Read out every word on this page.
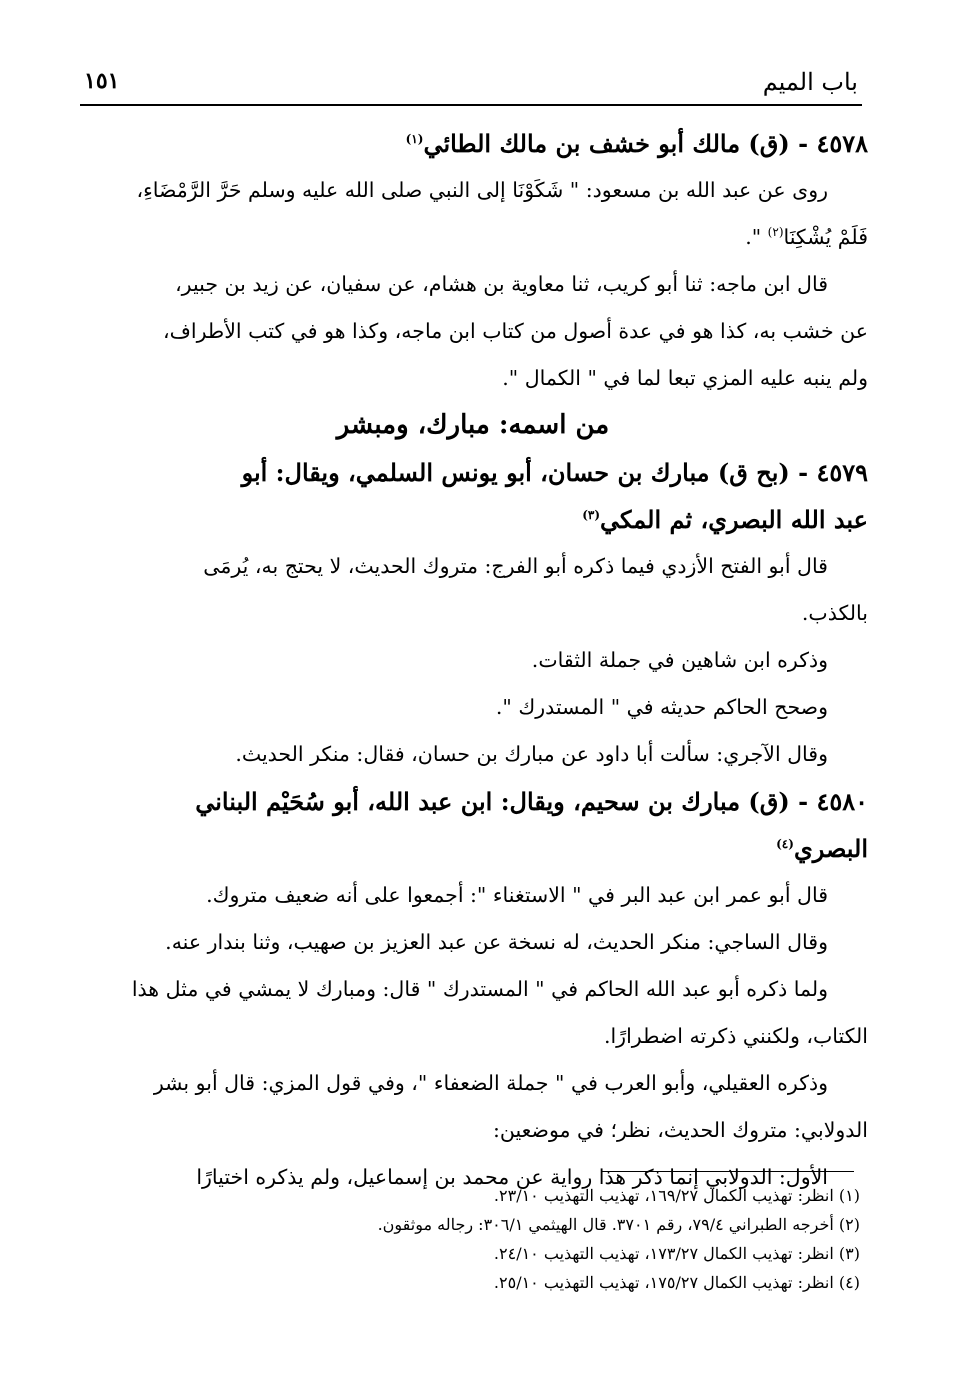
باب الميم
١٥١
٤٥٧٨ - (ق) مالك أبو خشف بن مالك الطائي$^{(١)}$
روى عن عبد الله بن مسعود: " شَكَوْنَا إلى النبي صلى الله عليه وسلم حَرَّ الرَّمْضَاءِ،
فَلَمْ يُشْكِنَا$^{(٢)}$ ".
قال ابن ماجه: ثنا أبو كريب، ثنا معاوية بن هشام، عن سفيان، عن زيد بن جبير،
عن خشب به، كذا هو في عدة أصول من كتاب ابن ماجه، وكذا هو في كتب الأطراف،
ولم ينبه عليه المزي تبعا لما في " الكمال ".
من اسمه: مبارك، ومبشر
٤٥٧٩ - (بح ق) مبارك بن حسان، أبو يونس السلمي، ويقال: أبو
عبد الله البصري، ثم المكي$^{(٣)}$
قال أبو الفتح الأزدي فيما ذكره أبو الفرج: متروك الحديث، لا يحتج به، يُرمَى
بالكذب.
وذكره ابن شاهين في جملة الثقات.
وصحح الحاكم حديثه في " المستدرك ".
وقال الآجري: سألت أبا داود عن مبارك بن حسان، فقال: منكر الحديث.
٤٥٨٠ - (ق) مبارك بن سحيم، ويقال: ابن عبد الله، أبو سُحَيْم البناني
البصري$^{(٤)}$
قال أبو عمر ابن عبد البر في " الاستغناء ": أجمعوا على أنه ضعيف متروك.
وقال الساجي: منكر الحديث، له نسخة عن عبد العزيز بن صهيب، وثنا بندار عنه.
ولما ذكره أبو عبد الله الحاكم في " المستدرك " قال: ومبارك لا يمشي في مثل هذا
الكتاب، ولكنني ذكرته اضطرارًا.
وذكره العقيلي، وأبو العرب في " جملة الضعفاء "، وفي قول المزي: قال أبو بشر
الدولابي: متروك الحديث، نظر؛ في موضعين:
الأول: الدولابي إنما ذكر هذا رواية عن محمد بن إسماعيل، ولم يذكره اختيارًا
(١) انظر: تهذيب الكمال ١٦٩/٢٧، تهذيب التهذيب ٢٣/١٠.
(٢) أخرجه الطبراني ٧٩/٤، رقم ٣٧٠١. قال الهيثمي ٣٠٦/١: رجاله موثقون.
(٣) انظر: تهذيب الكمال ١٧٣/٢٧، تهذيب التهذيب ٢٤/١٠.
(٤) انظر: تهذيب الكمال ١٧٥/٢٧، تهذيب التهذيب ٢٥/١٠.
